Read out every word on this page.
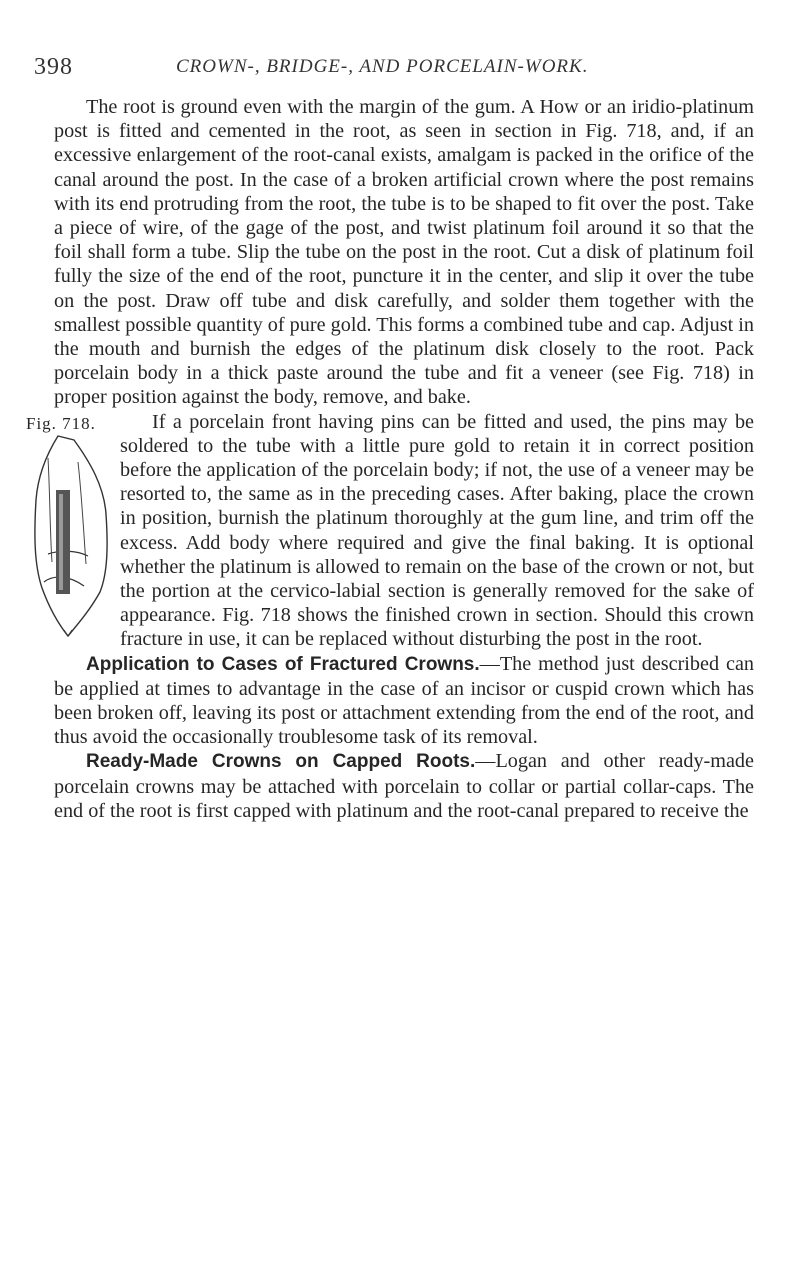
398	CROWN-, BRIDGE-, AND PORCELAIN-WORK.

The root is ground even with the margin of the gum. A How or an iridio-platinum post is fitted and cemented in the root, as seen in section in Fig. 718, and, if an excessive enlargement of the root-canal exists, amalgam is packed in the orifice of the canal around the post. In the case of a broken artificial crown where the post remains with its end protruding from the root, the tube is to be shaped to fit over the post. Take a piece of wire, of the gage of the post, and twist platinum foil around it so that the foil shall form a tube. Slip the tube on the post in the root. Cut a disk of platinum foil fully the size of the end of the root, puncture it in the center, and slip it over the tube on the post. Draw off tube and disk carefully, and solder them together with the smallest possible quantity of pure gold. This forms a combined tube and cap. Adjust in the mouth and burnish the edges of the platinum disk closely to the root. Pack porcelain body in a thick paste around the tube and fit a veneer (see Fig. 718) in proper position against the body, remove, and bake.

Fig. 718.	If a porcelain front having pins can be fitted and used, the pins may be soldered to the tube with a little pure gold to retain it in correct position before the application of the porcelain body; if not, the use of a veneer may be resorted to, the same as in the preceding cases. After baking, place the crown in position, burnish the platinum thoroughly at the gum line, and trim off the excess. Add body where required and give the final baking. It is optional whether the platinum is allowed to remain on the base of the crown or not, but the portion at the cervico-labial section is generally removed for the sake of appearance. Fig. 718 shows the finished crown in section. Should this crown fracture in use, it can be replaced without disturbing the post in the root.

Application to Cases of Fractured Crowns.—The method just described can be applied at times to advantage in the case of an incisor or cuspid crown which has been broken off, leaving its post or attachment extending from the end of the root, and thus avoid the occasionally troublesome task of its removal.

Ready-Made Crowns on Capped Roots.—Logan and other ready-made porcelain crowns may be attached with porcelain to collar or partial collar-caps. The end of the root is first capped with platinum and the root-canal prepared to receive the
